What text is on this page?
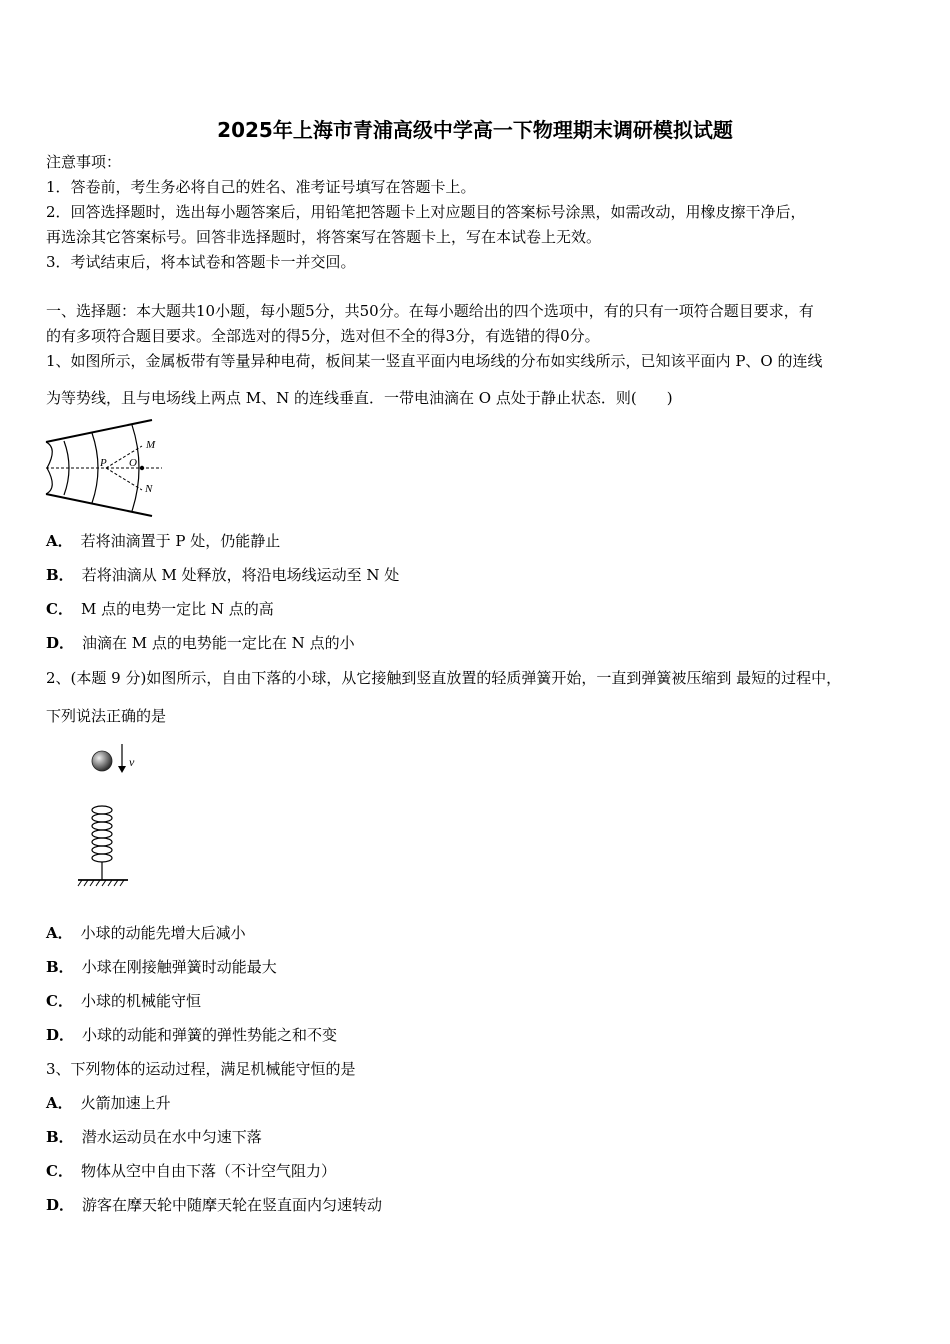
2025年上海市青浦高级中学高一下物理期末调研模拟试题
注意事项：
1．答卷前，考生务必将自己的姓名、准考证号填写在答题卡上。
2．回答选择题时，选出每小题答案后，用铅笔把答题卡上对应题目的答案标号涂黑，如需改动，用橡皮擦干净后，
再选涂其它答案标号。回答非选择题时，将答案写在答题卡上，写在本试卷上无效。
3．考试结束后，将本试卷和答题卡一并交回。
一、选择题：本大题共10小题，每小题5分，共50分。在每小题给出的四个选项中，有的只有一项符合题目要求，有
的有多项符合题目要求。全部选对的得5分，选对但不全的得3分，有选错的得0分。
1、如图所示，金属板带有等量异种电荷，板间某一竖直平面内电场线的分布如实线所示，已知该平面内 P、O 的连线
为等势线，且与电场线上两点 M、N 的连线垂直．一带电油滴在 O 点处于静止状态．则(　　)
M
P O
N
A． 若将油滴置于 P 处，仍能静止
B． 若将油滴从 M 处释放，将沿电场线运动至 N 处
C． M 点的电势一定比 N 点的高
D． 油滴在 M 点的电势能一定比在 N 点的小
2、(本题 9 分)如图所示，自由下落的小球，从它接触到竖直放置的轻质弹簧开始，一直到弹簧被压缩到 最短的过程中，
下列说法正确的是
v
A． 小球的动能先增大后减小
B． 小球在刚接触弹簧时动能最大
C． 小球的机械能守恒
D． 小球的动能和弹簧的弹性势能之和不变
3、下列物体的运动过程，满足机械能守恒的是
A． 火箭加速上升
B． 潜水运动员在水中匀速下落
C． 物体从空中自由下落（不计空气阻力）
D． 游客在摩天轮中随摩天轮在竖直面内匀速转动
